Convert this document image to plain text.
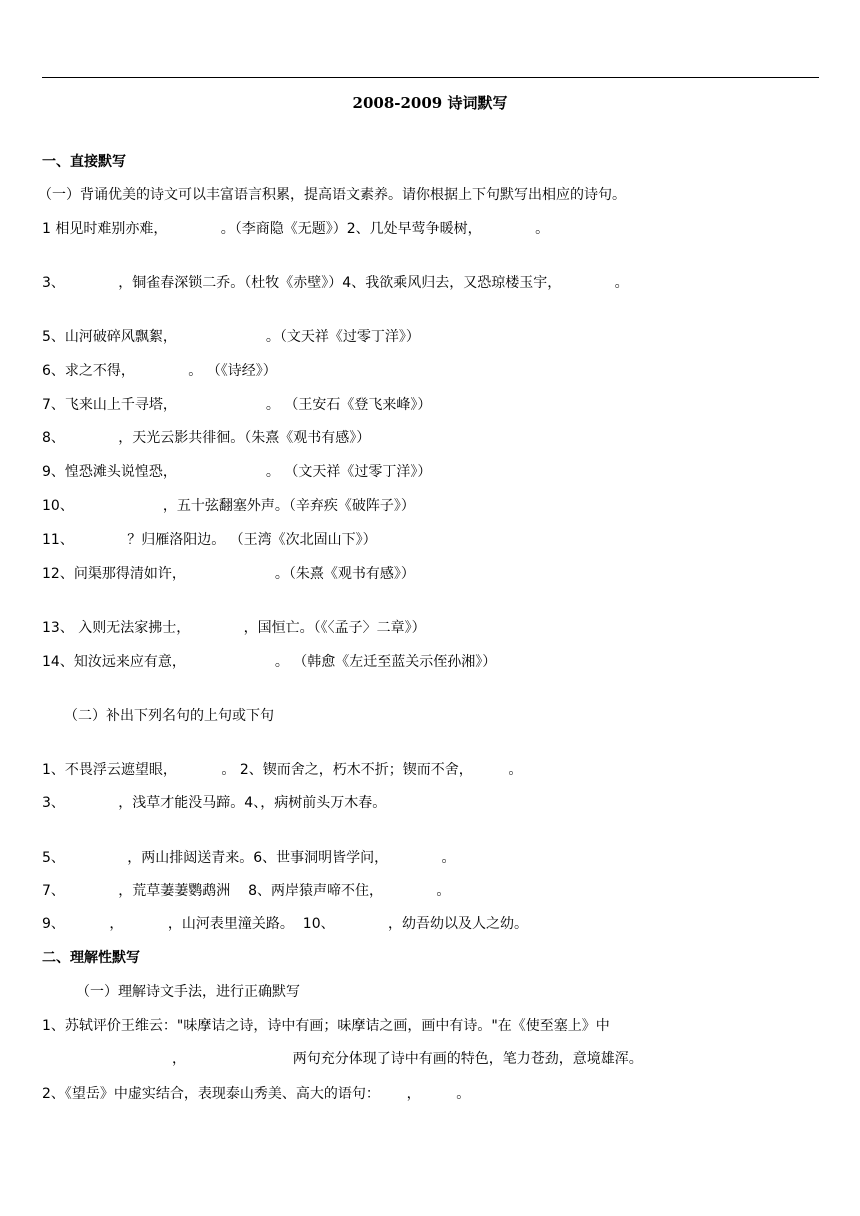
2008-2009 诗词默写
一、直接默写
（一）背诵优美的诗文可以丰富语言积累，提高语文素养。请你根据上下句默写出相应的诗句。
1 相见时难别亦难，            。（李商隐《无题》）2、几处早莺争暖树，            。
3、            ，铜雀春深锁二乔。（杜牧《赤壁》）4、我欲乘风归去，又恐琼楼玉宇，            。
5、山河破碎风飘絮，                    。（文天祥《过零丁洋》）
6、求之不得，            。 （《诗经》）
7、飞来山上千寻塔，                    。 （王安石《登飞来峰》）
8、            ，天光云影共徘徊。（朱熹《观书有感》）
9、惶恐滩头说惶恐，                    。 （文天祥《过零丁洋》）
10、                    ，五十弦翻塞外声。（辛弃疾《破阵子》）
11、            ？归雁洛阳边。 （王湾《次北固山下》）
12、问渠那得清如许，                    。（朱熹《观书有感》）
13、 入则无法家拂士，            ，国恒亡。（《〈孟子〉二章》）
14、知汝远来应有意，                    。 （韩愈《左迁至蓝关示侄孙湘》）
（二）补出下列名句的上句或下句
1、不畏浮云遮望眼，          。 2、锲而舍之，朽木不折；锲而不舍，        。
3、            ，浅草才能没马蹄。4、，病树前头万木春。
5、              ，两山排闼送青来。6、世事洞明皆学问，            。
7、            ，荒草萋萋鹦鹉洲    8、两岸猿声啼不住，            。
9、          ，          ，山河表里潼关路。  10、            ，幼吾幼以及人之幼。
二、理解性默写
（一）理解诗文手法，进行正确默写
1、苏轼评价王维云："味摩诘之诗，诗中有画；味摩诘之画，画中有诗。"在《使至塞上》中
，                        两句充分体现了诗中有画的特色，笔力苍劲，意境雄浑。
2、《望岳》中虚实结合，表现泰山秀美、高大的语句：      ，        。
